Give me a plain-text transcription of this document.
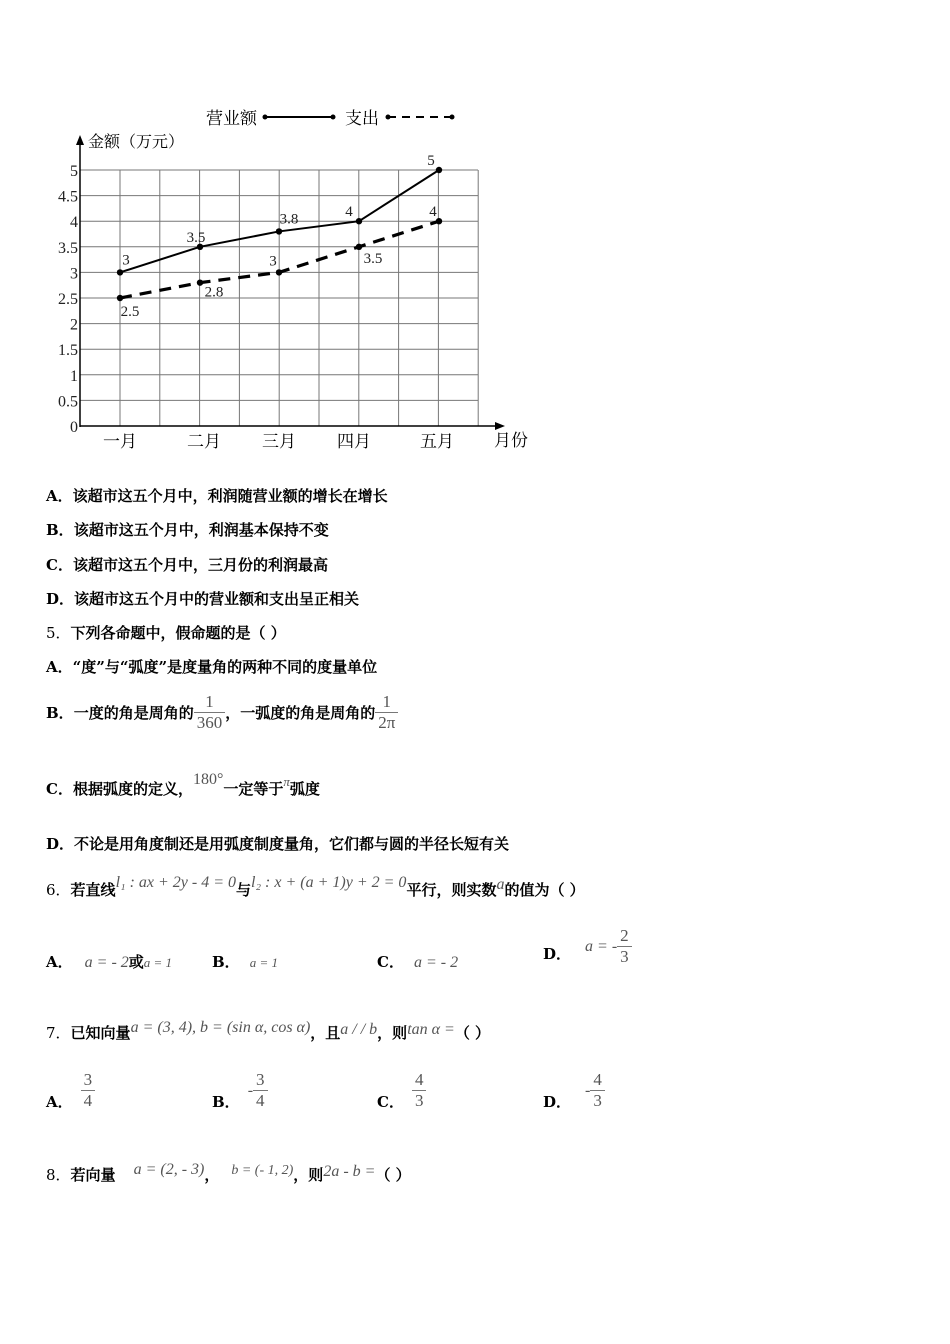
营业额	支出
金额（万元）
月份
0
0.5
1
1.5
2
2.5
3
3.5
4
4.5
5
一月	二月 三月 四月	五月
3
3.5
3.8	4
5
2.5
2.8
3	3.5
4
A．该超市这五个月中，利润随营业额的增长在增长
B．该超市这五个月中，利润基本保持不变
C．该超市这五个月中，三月份的利润最高
D．该超市这五个月中的营业额和支出呈正相关
5．下列各命题中，假命题的是（ ）
A．“度”与“弧度”是度量角的两种不同的度量单位
B． 一度的角是周角的 $\frac{1}{360}$ ，一弧度的角是周角的 $\frac{1}{2\pi}$
C．根据弧度的定义，180°一定等于π弧度
D．不论是用角度制还是用弧度制度量角，它们都与圆的半径长短有关
6．若直线l₁ : ax + 2y - 4 = 0与l₂ : x + (a + 1)y + 2 = 0平行，则实数a的值为（ ）
A． a = - 2或a = 1	B． a = 1	C． a = - 2	D． a = - $\frac{2}{3}$
7．已知向量a = (3, 4), b = (sin α, cos α)，且a / / b，则tan α =（ ）
A． $\frac{3}{4}$	B．
- $\frac{3}{4}$	C． $\frac{4}{3}$	D．
- $\frac{4}{3}$
8．若向量 a = (2, - 3)， b = (- 1, 2)，则2a - b =（ ）
